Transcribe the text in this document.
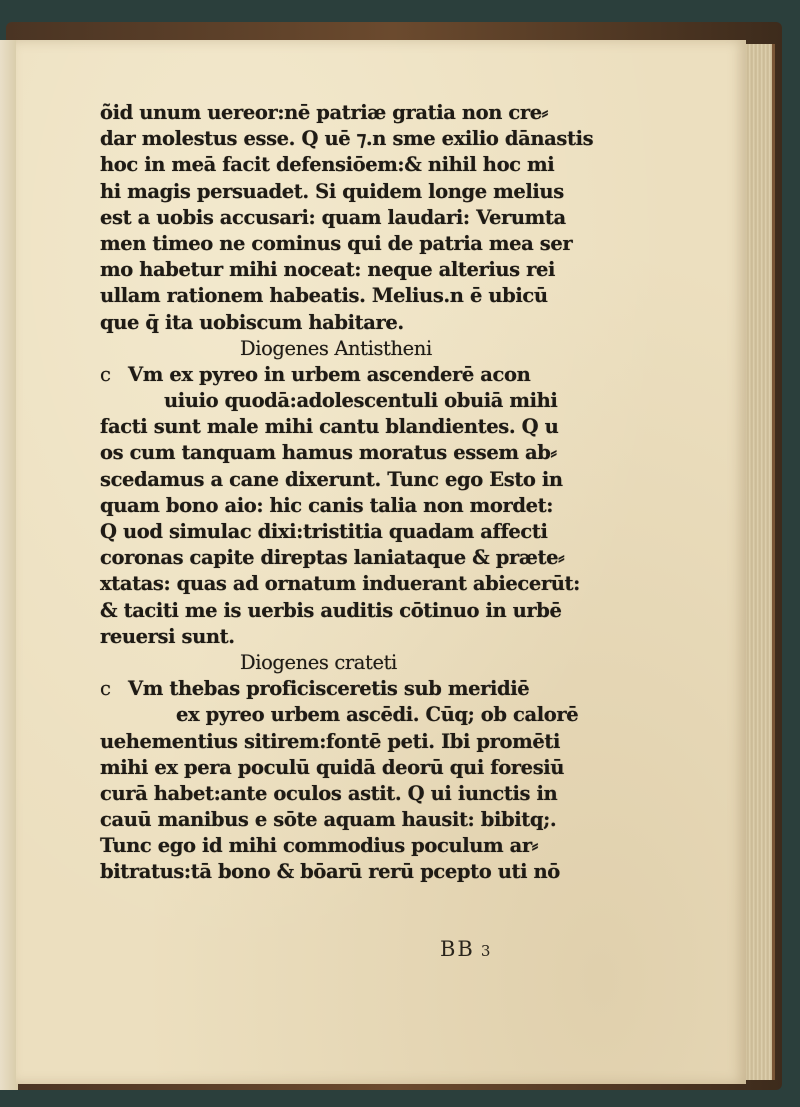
õid unum uereor:nē patriæ gratia non cre⸗
dar molestus esse. Q uē ⁊.n sme exilio dānastis
hoc in meā facit defensiōem:& nihil hoc mi
hi magis persuadet. Si quidem longe melius
est a uobis accusari: quam laudari: Verumta
men timeo ne cominus qui de patria mea ser
mo habetur mihi noceat: neque alterius rei
ullam rationem habeatis. Melius.n ē ubicū
que q̄ ita uobiscum habitare.
Diogenes Antistheni
c Vm ex pyreo in urbem ascenderē acon
uiuio quodā:adolescentuli obuiā mihi
facti sunt male mihi cantu blandientes. Q u
os cum tanquam hamus moratus essem ab⸗
scedamus a cane dixerunt. Tunc ego Esto in
quam bono aio: hic canis talia non mordet:
Q uod simulac dixi:tristitia quadam affecti
coronas capite direptas laniataque & præte⸗
xtatas: quas ad ornatum induerant abiecerūt:
& taciti me is uerbis auditis cōtinuo in urbē
reuersi sunt.
Diogenes crateti
c Vm thebas proficisceretis sub meridiē
ex pyreo urbem ascēdi. Cūq; ob calorē
uehementius sitirem:fontē peti. Ibi promēti
mihi ex pera poculū quidā deorū qui foresiū
curā habet:ante oculos astit. Q ui iunctis in
cauū manibus e sōte aquam hausit: bibitq;.
Tunc ego id mihi commodius poculum ar⸗
bitratus:tā bono & bōarū rerū pcepto uti nō
BB 3
